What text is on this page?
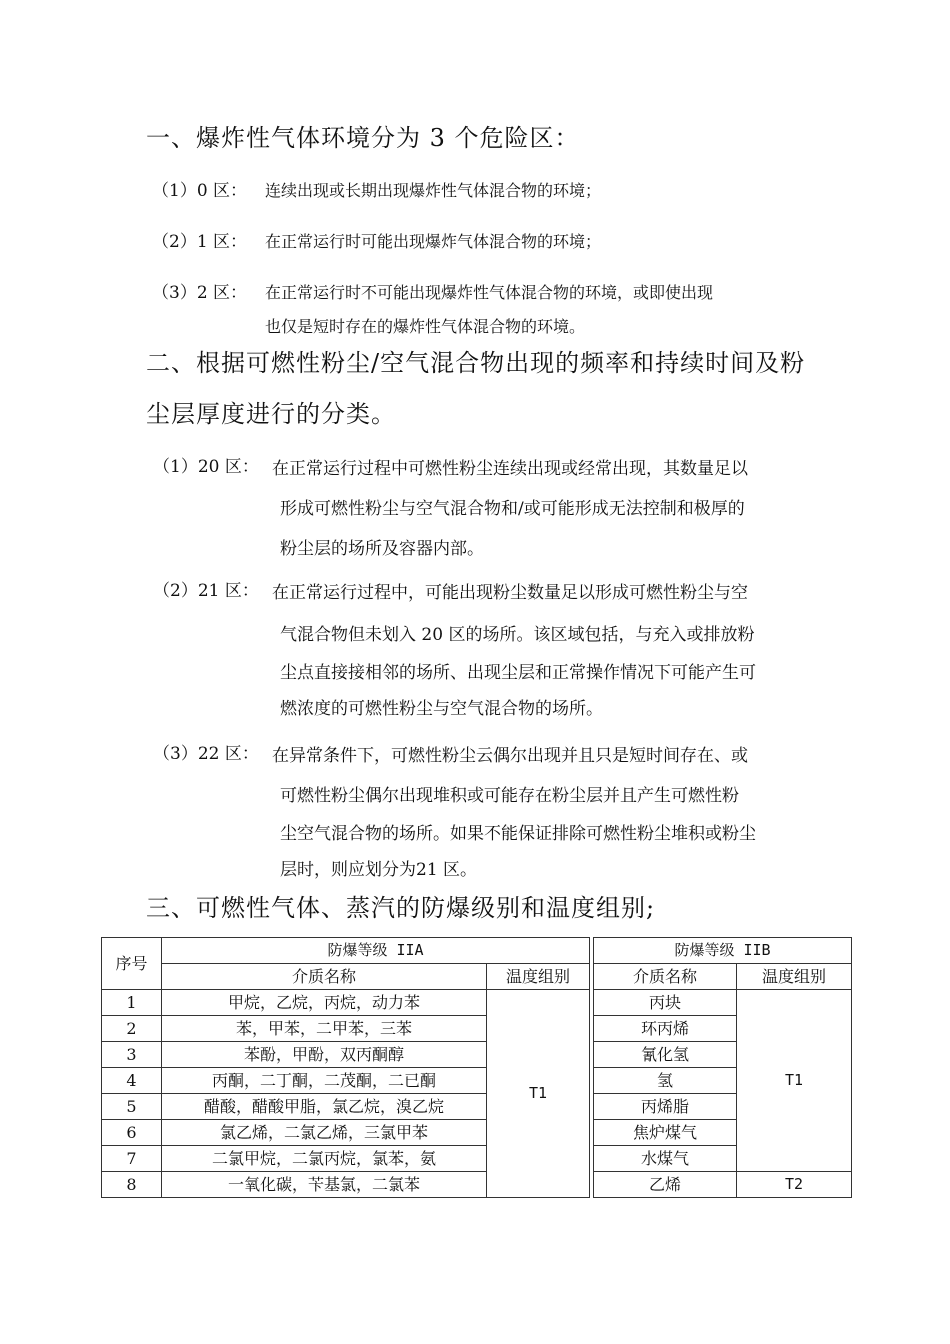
一、爆炸性气体环境分为 3 个危险区：
（1）0 区： 连续出现或长期出现爆炸性气体混合物的环境；
（2）1 区： 在正常运行时可能出现爆炸气体混合物的环境；
（3）2 区： 在正常运行时不可能出现爆炸性气体混合物的环境，或即使出现
也仅是短时存在的爆炸性气体混合物的环境。
二、根据可燃性粉尘/空气混合物出现的频率和持续时间及粉
尘层厚度进行的分类。
（1）20 区： 在正常运行过程中可燃性粉尘连续出现或经常出现，其数量足以
形成可燃性粉尘与空气混合物和/或可能形成无法控制和极厚的
粉尘层的场所及容器内部。
（2）21 区： 在正常运行过程中，可能出现粉尘数量足以形成可燃性粉尘与空
气混合物但未划入 20 区的场所。该区域包括，与充入或排放粉
尘点直接接相邻的场所、出现尘层和正常操作情况下可能产生可
燃浓度的可燃性粉尘与空气混合物的场所。
（3）22 区： 在异常条件下，可燃性粉尘云偶尔出现并且只是短时间存在、或
可燃性粉尘偶尔出现堆积或可能存在粉尘层并且产生可燃性粉
尘空气混合物的场所。如果不能保证排除可燃性粉尘堆积或粉尘
层时，则应划分为21 区。
三、可燃性气体、蒸汽的防爆级别和温度组别;
序号	防爆等级 IIA			防爆等级 IIB	
	介质名称	温度组别		介质名称	温度组别
1	甲烷，乙烷，丙烷，动力苯	T1		丙块	T1
2	苯，甲苯，二甲苯，三苯			环丙烯	
3	苯酚，甲酚，双丙酮醇			氰化氢	
4	丙酮，二丁酮，二茂酮，二已酮			氢	
5	醋酸，醋酸甲脂，氯乙烷，溴乙烷			丙烯脂	
6	氯乙烯，二氯乙烯，三氯甲苯			焦炉煤气	
7	二氯甲烷，二氯丙烷，氯苯，氨			水煤气	
8	一氧化碳，苄基氯，二氯苯			乙烯	T2
